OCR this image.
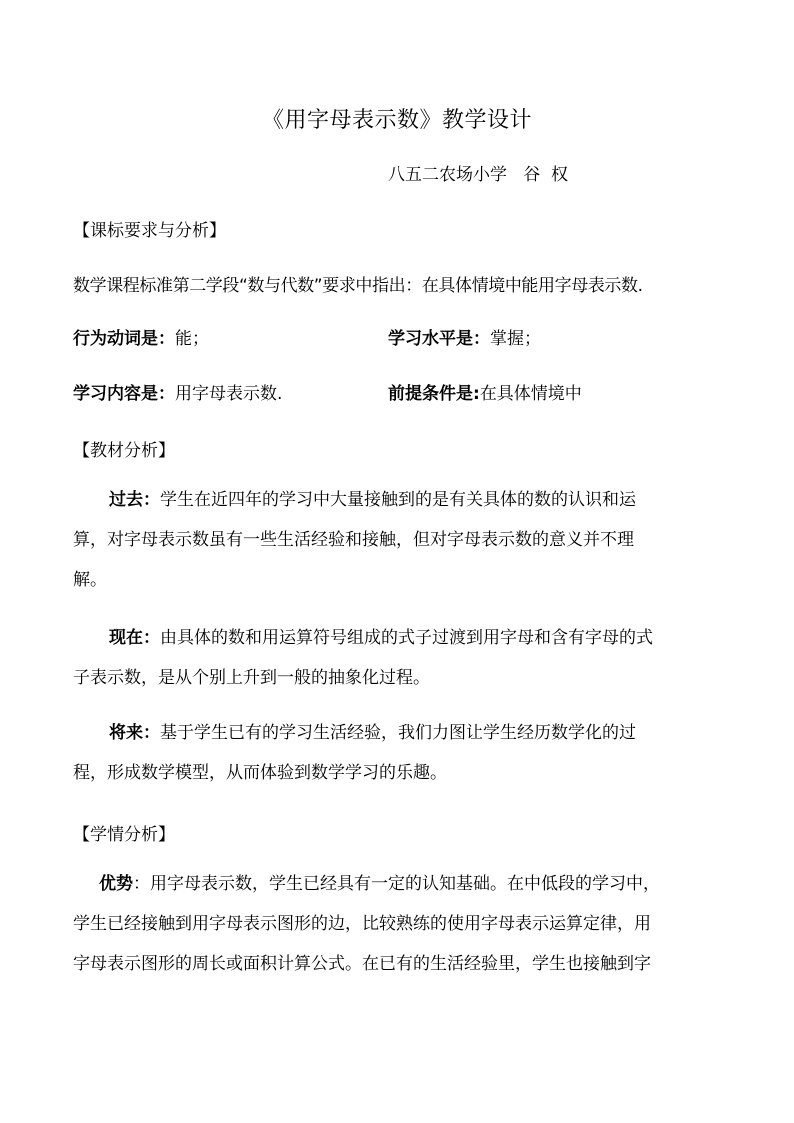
《用字母表示数》教学设计
八五二农场小学   谷  权
【课标要求与分析】
数学课程标准第二学段“数与代数”要求中指出：在具体情境中能用字母表示数.
行为动词是：能；	学习水平是：掌握；
学习内容是：用字母表示数.	前提条件是:在具体情境中
【教材分析】
过去：学生在近四年的学习中大量接触到的是有关具体的数的认识和运
算，对字母表示数虽有一些生活经验和接触，但对字母表示数的意义并不理
解。
现在：由具体的数和用运算符号组成的式子过渡到用字母和含有字母的式
子表示数，是从个别上升到一般的抽象化过程。
将来：基于学生已有的学习生活经验，我们力图让学生经历数学化的过
程，形成数学模型，从而体验到数学学习的乐趣。
【学情分析】
优势：用字母表示数，学生已经具有一定的认知基础。在中低段的学习中，
学生已经接触到用字母表示图形的边，比较熟练的使用字母表示运算定律，用
字母表示图形的周长或面积计算公式。在已有的生活经验里，学生也接触到字
